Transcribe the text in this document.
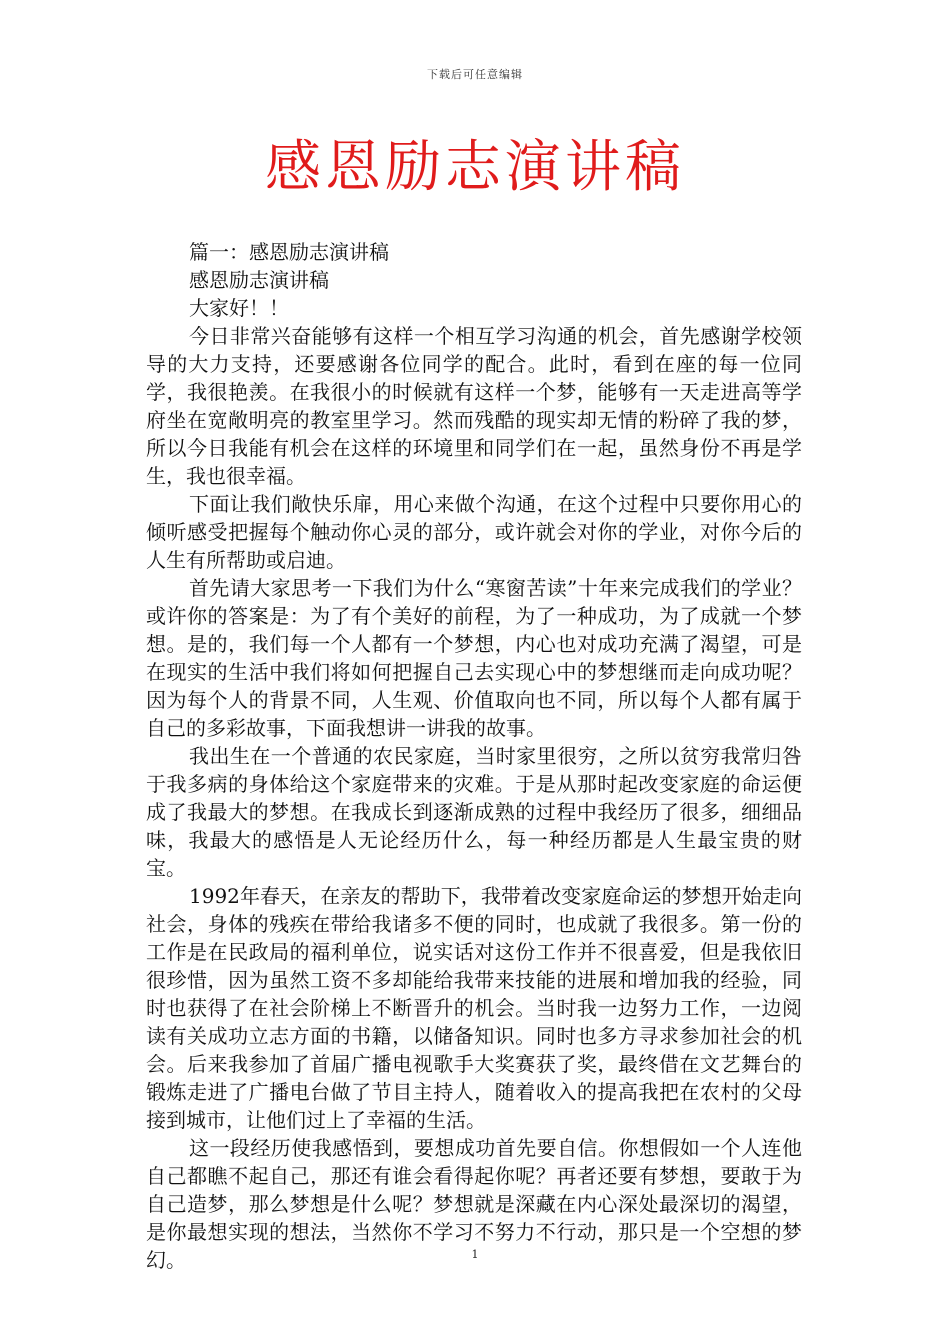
下载后可任意编辑
感恩励志演讲稿

篇一：感恩励志演讲稿

感恩励志演讲稿

大家好！！

今日非常兴奋能够有这样一个相互学习沟通的机会，首先感谢学校领导的大力支持，还要感谢各位同学的配合。此时，看到在座的每一位同学，我很艳羡。在我很小的时候就有这样一个梦，能够有一天走进高等学府坐在宽敞明亮的教室里学习。然而残酷的现实却无情的粉碎了我的梦，所以今日我能有机会在这样的环境里和同学们在一起，虽然身份不再是学生，我也很幸福。

下面让我们敞快乐扉，用心来做个沟通，在这个过程中只要你用心的倾听感受把握每个触动你心灵的部分，或许就会对你的学业，对你今后的人生有所帮助或启迪。

首先请大家思考一下我们为什么“寒窗苦读”十年来完成我们的学业？或许你的答案是：为了有个美好的前程，为了一种成功，为了成就一个梦想。是的，我们每一个人都有一个梦想，内心也对成功充满了渴望，可是在现实的生活中我们将如何把握自己去实现心中的梦想继而走向成功呢？因为每个人的背景不同，人生观、价值取向也不同，所以每个人都有属于自己的多彩故事，下面我想讲一讲我的故事。

我出生在一个普通的农民家庭，当时家里很穷，之所以贫穷我常归咎于我多病的身体给这个家庭带来的灾难。于是从那时起改变家庭的命运便成了我最大的梦想。在我成长到逐渐成熟的过程中我经历了很多，细细品味，我最大的感悟是人无论经历什么，每一种经历都是人生最宝贵的财宝。

1992年春天，在亲友的帮助下，我带着改变家庭命运的梦想开始走向社会，身体的残疾在带给我诸多不便的同时，也成就了我很多。第一份的工作是在民政局的福利单位，说实话对这份工作并不很喜爱，但是我依旧很珍惜，因为虽然工资不多却能给我带来技能的进展和增加我的经验，同时也获得了在社会阶梯上不断晋升的机会。当时我一边努力工作，一边阅读有关成功立志方面的书籍，以储备知识。同时也多方寻求参加社会的机会。后来我参加了首届广播电视歌手大奖赛获了奖，最终借在文艺舞台的锻炼走进了广播电台做了节目主持人，随着收入的提高我把在农村的父母接到城市，让他们过上了幸福的生活。

这一段经历使我感悟到，要想成功首先要自信。你想假如一个人连他自己都瞧不起自己，那还有谁会看得起你呢？再者还要有梦想，要敢于为自己造梦，那么梦想是什么呢？梦想就是深藏在内心深处最深切的渴望，是你最想实现的想法，当然你不学习不努力不行动，那只是一个空想的梦幻。	1
